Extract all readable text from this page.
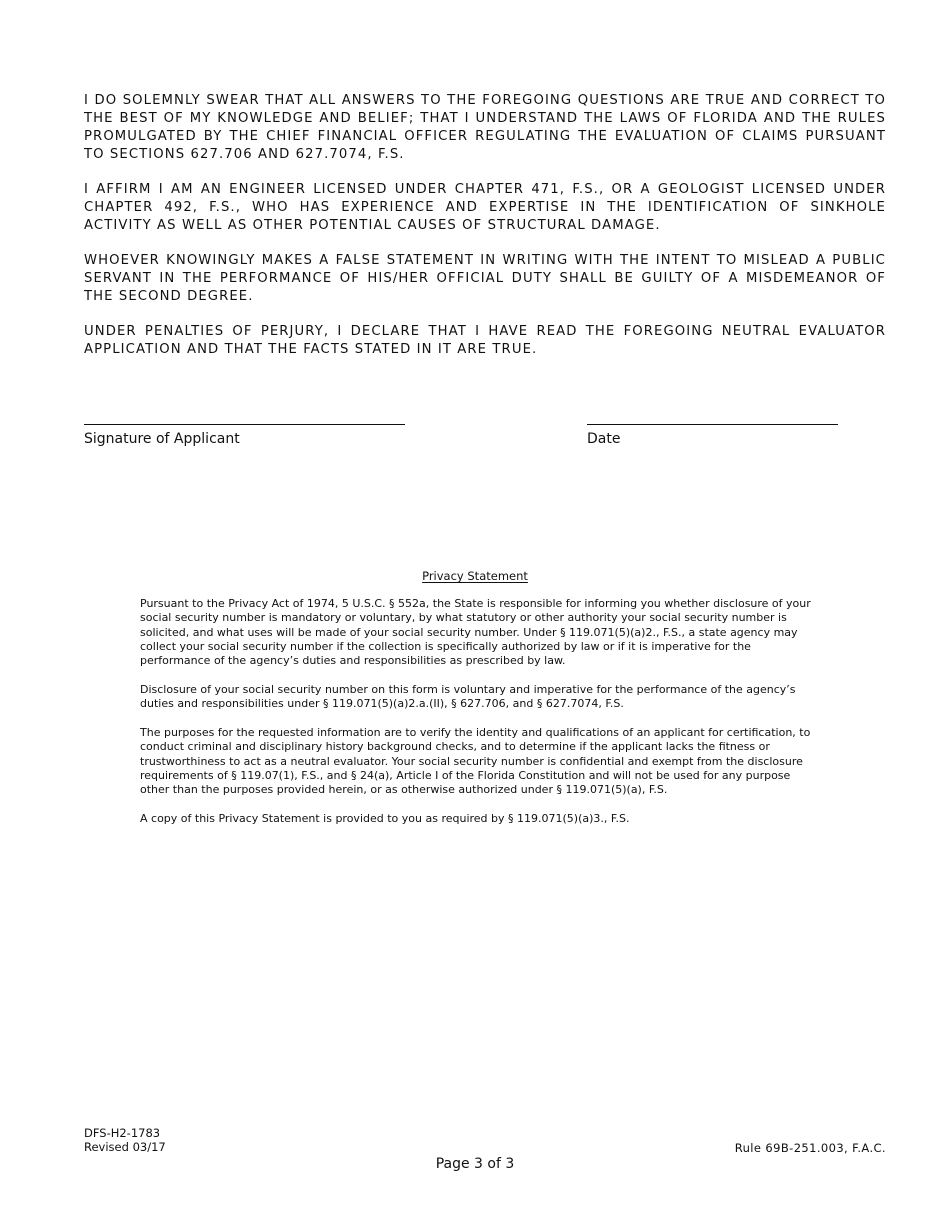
I DO SOLEMNLY SWEAR THAT ALL ANSWERS TO THE FOREGOING QUESTIONS ARE TRUE AND CORRECT TO THE BEST OF MY KNOWLEDGE AND BELIEF; THAT I UNDERSTAND THE LAWS OF FLORIDA AND THE RULES PROMULGATED BY THE CHIEF FINANCIAL OFFICER REGULATING THE EVALUATION OF CLAIMS PURSUANT TO SECTIONS 627.706 AND 627.7074, F.S.

I AFFIRM I AM AN ENGINEER LICENSED UNDER CHAPTER 471, F.S., OR A GEOLOGIST LICENSED UNDER CHAPTER 492, F.S., WHO HAS EXPERIENCE AND EXPERTISE IN THE IDENTIFICATION OF SINKHOLE ACTIVITY AS WELL AS OTHER POTENTIAL CAUSES OF STRUCTURAL DAMAGE.

WHOEVER KNOWINGLY MAKES A FALSE STATEMENT IN WRITING WITH THE INTENT TO MISLEAD A PUBLIC SERVANT IN THE PERFORMANCE OF HIS/HER OFFICIAL DUTY SHALL BE GUILTY OF A MISDEMEANOR OF THE SECOND DEGREE.

UNDER PENALTIES OF PERJURY, I DECLARE THAT I HAVE READ THE FOREGOING NEUTRAL EVALUATOR APPLICATION AND THAT THE FACTS STATED IN IT ARE TRUE.

Signature of Applicant	Date
Privacy Statement

Pursuant to the Privacy Act of 1974, 5 U.S.C. § 552a, the State is responsible for informing you whether disclosure of your social security number is mandatory or voluntary, by what statutory or other authority your social security number is solicited, and what uses will be made of your social security number. Under § 119.071(5)(a)2., F.S., a state agency may collect your social security number if the collection is specifically authorized by law or if it is imperative for the performance of the agency’s duties and responsibilities as prescribed by law.

Disclosure of your social security number on this form is voluntary and imperative for the performance of the agency’s duties and responsibilities under § 119.071(5)(a)2.a.(II), § 627.706, and § 627.7074, F.S.

The purposes for the requested information are to verify the identity and qualifications of an applicant for certification, to conduct criminal and disciplinary history background checks, and to determine if the applicant lacks the fitness or trustworthiness to act as a neutral evaluator. Your social security number is confidential and exempt from the disclosure requirements of § 119.07(1), F.S., and § 24(a), Article I of the Florida Constitution and will not be used for any purpose other than the purposes provided herein, or as otherwise authorized under § 119.071(5)(a), F.S.

A copy of this Privacy Statement is provided to you as required by § 119.071(5)(a)3., F.S.

DFS-H2-1783
Revised 03/17	Rule 69B-251.003, F.A.C.
Page 3 of 3
